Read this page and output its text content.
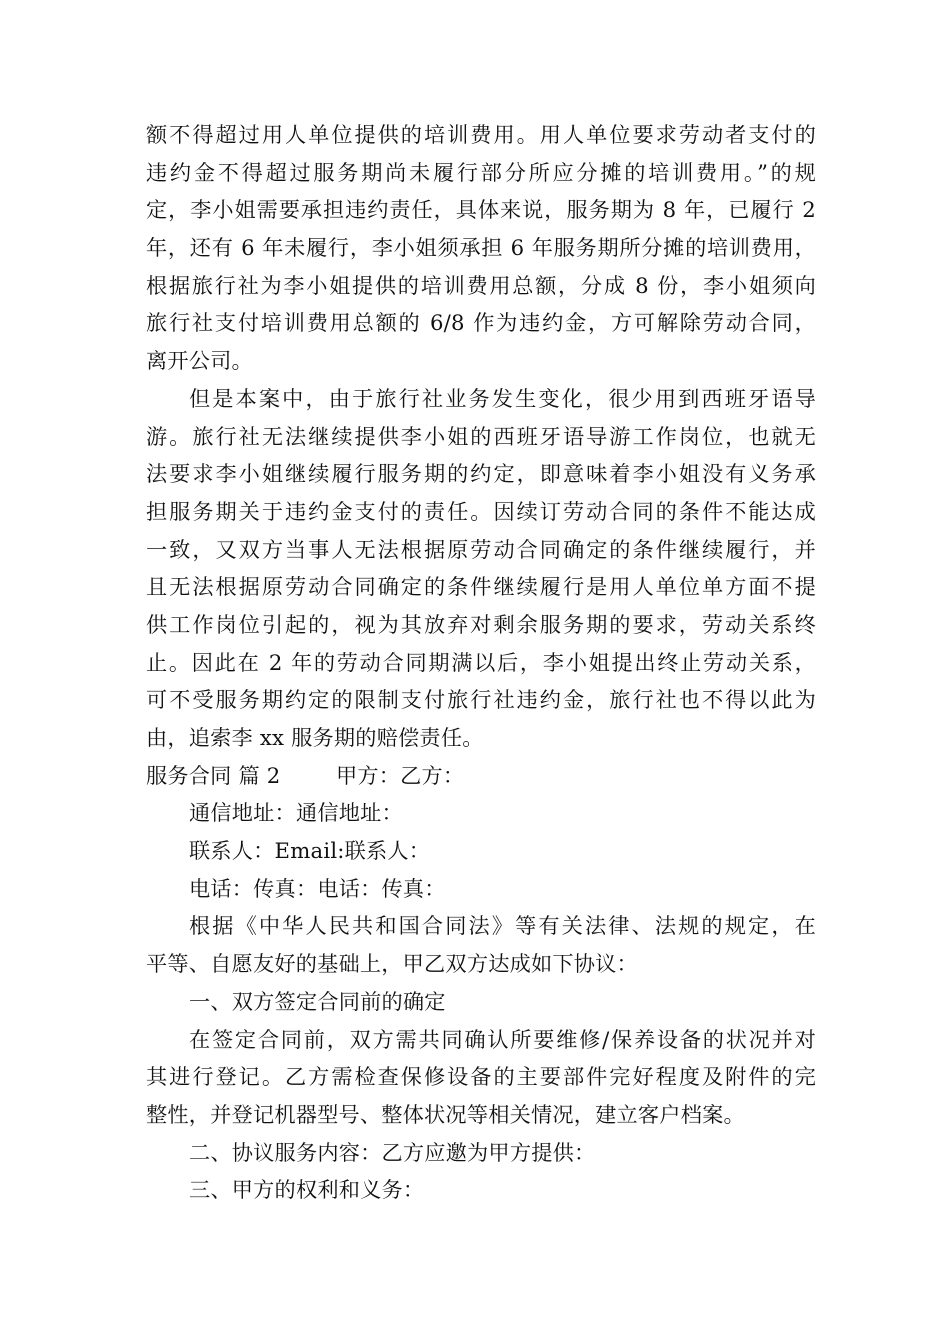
额不得超过用人单位提供的培训费用。用人单位要求劳动者支付的
违约金不得超过服务期尚未履行部分所应分摊的培训费用。”的规
定，李小姐需要承担违约责任，具体来说，服务期为 8 年，已履行 2
年，还有 6 年未履行，李小姐须承担 6 年服务期所分摊的培训费用，
根据旅行社为李小姐提供的培训费用总额，分成 8 份，李小姐须向
旅行社支付培训费用总额的 6/8 作为违约金，方可解除劳动合同，
离开公司。
但是本案中，由于旅行社业务发生变化，很少用到西班牙语导
游。旅行社无法继续提供李小姐的西班牙语导游工作岗位，也就无
法要求李小姐继续履行服务期的约定，即意味着李小姐没有义务承
担服务期关于违约金支付的责任。因续订劳动合同的条件不能达成
一致，又双方当事人无法根据原劳动合同确定的条件继续履行，并
且无法根据原劳动合同确定的条件继续履行是用人单位单方面不提
供工作岗位引起的，视为其放弃对剩余服务期的要求，劳动关系终
止。因此在 2 年的劳动合同期满以后，李小姐提出终止劳动关系，
可不受服务期约定的限制支付旅行社违约金，旅行社也不得以此为
由，追索李 xx 服务期的赔偿责任。
服务合同 篇 2        甲方：乙方：
通信地址：通信地址：
联系人：Email:联系人：
电话：传真：电话：传真：
根据《中华人民共和国合同法》等有关法律、法规的规定，在
平等、自愿友好的基础上，甲乙双方达成如下协议：
一、双方签定合同前的确定
在签定合同前，双方需共同确认所要维修/保养设备的状况并对
其进行登记。乙方需检查保修设备的主要部件完好程度及附件的完
整性，并登记机器型号、整体状况等相关情况，建立客户档案。
二、协议服务内容：乙方应邀为甲方提供：
三、甲方的权利和义务：
